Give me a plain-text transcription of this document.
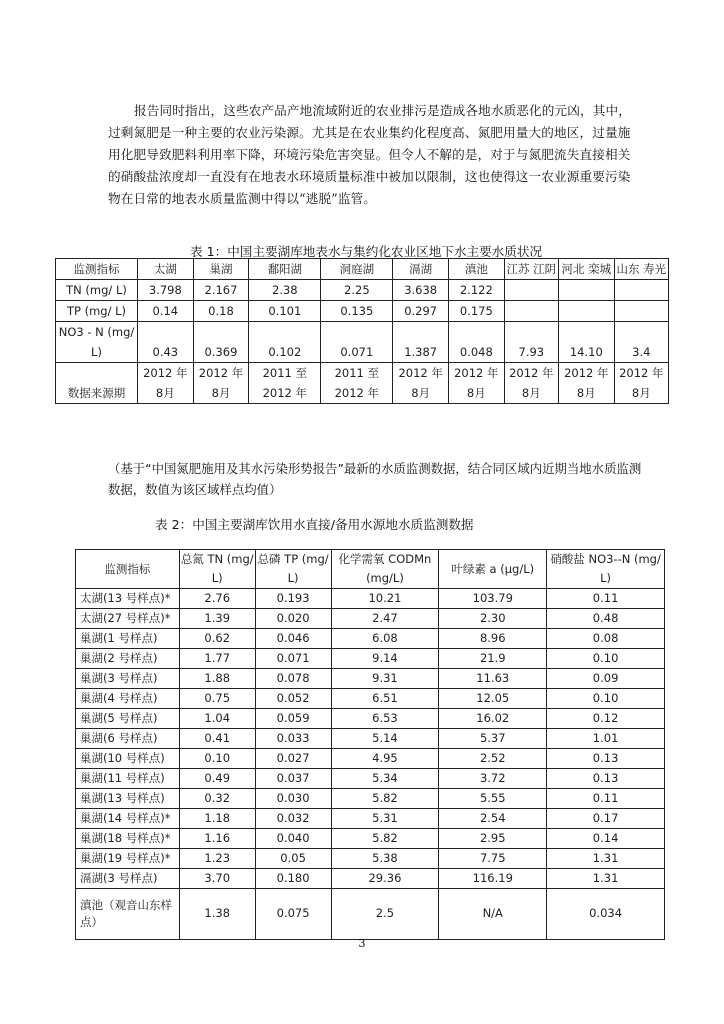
报告同时指出，这些农产品产地流域附近的农业排污是造成各地水质恶化的元凶，其中，过剩氮肥是一种主要的农业污染源。尤其是在农业集约化程度高、氮肥用量大的地区，过量施用化肥导致肥料利用率下降，环境污染危害突显。但令人不解的是，对于与氮肥流失直接相关的硝酸盐浓度却一直没有在地表水环境质量标准中被加以限制，这也使得这一农业源重要污染物在日常的地表水质量监测中得以“逃脱”监管。
表 1：中国主要湖库地表水与集约化农业区地下水主要水质状况
监测指标	太湖	巢湖	鄱阳湖	洞庭湖	滆湖	滇池	江苏 江阴	河北 栾城	山东 寿光
TN (mg/ L)	3.798	2.167	2.38	2.25	3.638	2.122			
TP (mg/ L)	0.14	0.18	0.101	0.135	0.297	0.175			
NO3 - N (mg/ L)	0.43	0.369	0.102	0.071	1.387	0.048	7.93	14.10	3.4
数据来源期	2012 年 8月	2012 年 8月	2011 至 2012 年	2011 至 2012 年	2012 年 8月	2012 年 8月	2012 年 8月	2012 年 8月	2012 年 8月
（基于“中国氮肥施用及其水污染形势报告”最新的水质监测数据，结合同区域内近期当地水质监测数据，数值为该区域样点均值）
表 2：中国主要湖库饮用水直接/备用水源地水质监测数据
监测指标	总氮 TN (mg/ L)	总磷 TP (mg/ L)	化学需氧 CODMn (mg/L)	叶绿素 a (μg/L)	硝酸盐 NO3--N (mg/ L)
太湖(13 号样点)*	2.76	0.193	10.21	103.79	0.11
太湖(27 号样点)*	1.39	0.020	2.47	2.30	0.48
巢湖(1 号样点)	0.62	0.046	6.08	8.96	0.08
巢湖(2 号样点)	1.77	0.071	9.14	21.9	0.10
巢湖(3 号样点)	1.88	0.078	9.31	11.63	0.09
巢湖(4 号样点)	0.75	0.052	6.51	12.05	0.10
巢湖(5 号样点)	1.04	0.059	6.53	16.02	0.12
巢湖(6 号样点)	0.41	0.033	5.14	5.37	1.01
巢湖(10 号样点)	0.10	0.027	4.95	2.52	0.13
巢湖(11 号样点)	0.49	0.037	5.34	3.72	0.13
巢湖(13 号样点)	0.32	0.030	5.82	5.55	0.11
巢湖(14 号样点)*	1.18	0.032	5.31	2.54	0.17
巢湖(18 号样点)*	1.16	0.040	5.82	2.95	0.14
巢湖(19 号样点)*	1.23	0.05	5.38	7.75	1.31
滆湖(3 号样点)	3.70	0.180	29.36	116.19	1.31
滇池（观音山东样点）	1.38	0.075	2.5	N/A	0.034
3
